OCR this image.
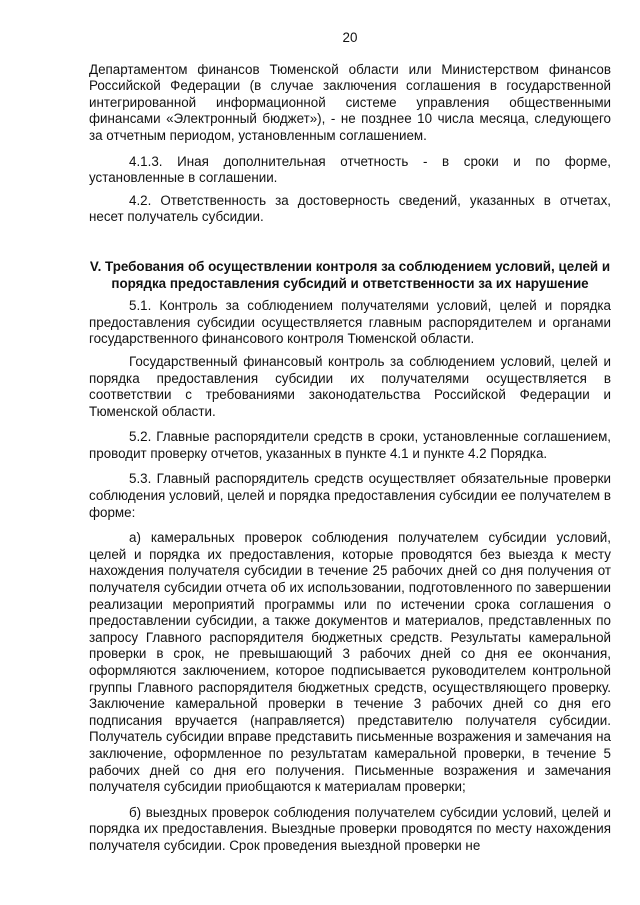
20

Департаментом финансов Тюменской области или Министерством финансов Российской Федерации (в случае заключения соглашения в государственной интегрированной информационной системе управления общественными финансами «Электронный бюджет»), - не позднее 10 числа месяца, следующего за отчетным периодом, установленным соглашением.

4.1.3. Иная дополнительная отчетность - в сроки и по форме, установленные в соглашении.

4.2. Ответственность за достоверность сведений, указанных в отчетах, несет получатель субсидии.

V. Требования об осуществлении контроля за соблюдением условий, целей и порядка предоставления субсидий и ответственности за их нарушение

5.1. Контроль за соблюдением получателями условий, целей и порядка предоставления субсидии осуществляется главным распорядителем и органами государственного финансового контроля Тюменской области.

Государственный финансовый контроль за соблюдением условий, целей и порядка предоставления субсидии их получателями осуществляется в соответствии с требованиями законодательства Российской Федерации и Тюменской области.

5.2. Главные распорядители средств в сроки, установленные соглашением, проводит проверку отчетов, указанных в пункте 4.1 и пункте 4.2 Порядка.

5.3. Главный распорядитель средств осуществляет обязательные проверки соблюдения условий, целей и порядка предоставления субсидии ее получателем в форме:

а) камеральных проверок соблюдения получателем субсидии условий, целей и порядка их предоставления, которые проводятся без выезда к месту нахождения получателя субсидии в течение 25 рабочих дней со дня получения от получателя субсидии отчета об их использовании, подготовленного по завершении реализации мероприятий программы или по истечении срока соглашения о предоставлении субсидии, а также документов и материалов, представленных по запросу Главного распорядителя бюджетных средств. Результаты камеральной проверки в срок, не превышающий 3 рабочих дней со дня ее окончания, оформляются заключением, которое подписывается руководителем контрольной группы Главного распорядителя бюджетных средств, осуществляющего проверку. Заключение камеральной проверки в течение 3 рабочих дней со дня его подписания вручается (направляется) представителю получателя субсидии. Получатель субсидии вправе представить письменные возражения и замечания на заключение, оформленное по результатам камеральной проверки, в течение 5 рабочих дней со дня его получения. Письменные возражения и замечания получателя субсидии приобщаются к материалам проверки;

б) выездных проверок соблюдения получателем субсидии условий, целей и порядка их предоставления. Выездные проверки проводятся по месту нахождения получателя субсидии. Срок проведения выездной проверки не
